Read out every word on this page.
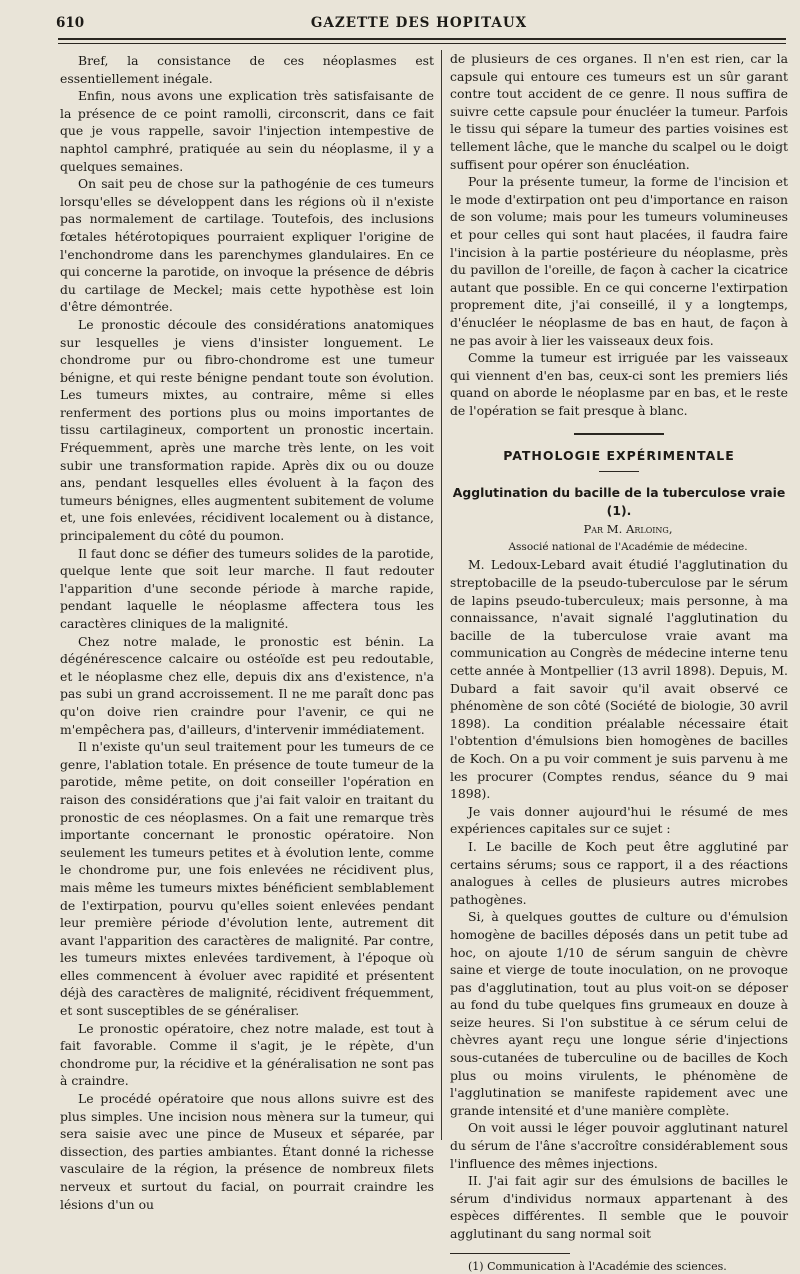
610	GAZETTE DES HOPITAUX

Bref, la consistance de ces néoplasmes est essentiellement inégale.

Enfin, nous avons une explication très satisfaisante de la présence de ce point ramolli, circonscrit, dans ce fait que je vous rappelle, savoir l'injection intempestive de naphtol camphré, pratiquée au sein du néoplasme, il y a quelques semaines.

On sait peu de chose sur la pathogénie de ces tumeurs lorsqu'elles se développent dans les régions où il n'existe pas normalement de cartilage. Toutefois, des inclusions fœtales hétérotopiques pourraient expliquer l'origine de l'enchondrome dans les parenchymes glandulaires. En ce qui concerne la parotide, on invoque la présence de débris du cartilage de Meckel; mais cette hypothèse est loin d'être démontrée.

Le pronostic découle des considérations anatomiques sur lesquelles je viens d'insister longuement. Le chondrome pur ou fibro-chondrome est une tumeur bénigne, et qui reste bénigne pendant toute son évolution. Les tumeurs mixtes, au contraire, même si elles renferment des portions plus ou moins importantes de tissu cartilagineux, comportent un pronostic incertain. Fréquemment, après une marche très lente, on les voit subir une transformation rapide. Après dix ou ou douze ans, pendant lesquelles elles évoluent à la façon des tumeurs bénignes, elles augmentent subitement de volume et, une fois enlevées, récidivent localement ou à distance, principalement du côté du poumon.

Il faut donc se défier des tumeurs solides de la parotide, quelque lente que soit leur marche. Il faut redouter l'apparition d'une seconde période à marche rapide, pendant laquelle le néoplasme affectera tous les caractères cliniques de la malignité.

Chez notre malade, le pronostic est bénin. La dégénérescence calcaire ou ostéoïde est peu redoutable, et le néoplasme chez elle, depuis dix ans d'existence, n'a pas subi un grand accroissement. Il ne me paraît donc pas qu'on doive rien craindre pour l'avenir, ce qui ne m'empêchera pas, d'ailleurs, d'intervenir immédiatement.

Il n'existe qu'un seul traitement pour les tumeurs de ce genre, l'ablation totale. En présence de toute tumeur de la parotide, même petite, on doit conseiller l'opération en raison des considérations que j'ai fait valoir en traitant du pronostic de ces néoplasmes. On a fait une remarque très importante concernant le pronostic opératoire. Non seulement les tumeurs petites et à évolution lente, comme le chondrome pur, une fois enlevées ne récidivent plus, mais même les tumeurs mixtes bénéficient semblablement de l'extirpation, pourvu qu'elles soient enlevées pendant leur première période d'évolution lente, autrement dit avant l'apparition des caractères de malignité. Par contre, les tumeurs mixtes enlevées tardivement, à l'époque où elles commencent à évoluer avec rapidité et présentent déjà des caractères de malignité, récidivent fréquemment, et sont susceptibles de se généraliser.

Le pronostic opératoire, chez notre malade, est tout à fait favorable. Comme il s'agit, je le répète, d'un chondrome pur, la récidive et la généralisation ne sont pas à craindre.

Le procédé opératoire que nous allons suivre est des plus simples. Une incision nous mènera sur la tumeur, qui sera saisie avec une pince de Museux et séparée, par dissection, des parties ambiantes. Étant donné la richesse vasculaire de la région, la présence de nombreux filets nerveux et surtout du facial, on pourrait craindre les lésions d'un ou

de plusieurs de ces organes. Il n'en est rien, car la capsule qui entoure ces tumeurs est un sûr garant contre tout accident de ce genre. Il nous suffira de suivre cette capsule pour énucléer la tumeur. Parfois le tissu qui sépare la tumeur des parties voisines est tellement lâche, que le manche du scalpel ou le doigt suffisent pour opérer son énucléation.

Pour la présente tumeur, la forme de l'incision et le mode d'extirpation ont peu d'importance en raison de son volume; mais pour les tumeurs volumineuses et pour celles qui sont haut placées, il faudra faire l'incision à la partie postérieure du néoplasme, près du pavillon de l'oreille, de façon à cacher la cicatrice autant que possible. En ce qui concerne l'extirpation proprement dite, j'ai conseillé, il y a longtemps, d'énucléer le néoplasme de bas en haut, de façon à ne pas avoir à lier les vaisseaux deux fois.

Comme la tumeur est irriguée par les vaisseaux qui viennent d'en bas, ceux-ci sont les premiers liés quand on aborde le néoplasme par en bas, et le reste de l'opération se fait presque à blanc.

PATHOLOGIE EXPÉRIMENTALE
Agglutination du bacille de la tuberculose vraie (1).

Par M. Arloing,

Associé national de l'Académie de médecine.

M. Ledoux-Lebard avait étudié l'agglutination du streptobacille de la pseudo-tuberculose par le sérum de lapins pseudo-tuberculeux; mais personne, à ma connaissance, n'avait signalé l'agglutination du bacille de la tuberculose vraie avant ma communication au Congrès de médecine interne tenu cette année à Montpellier (13 avril 1898). Depuis, M. Dubard a fait savoir qu'il avait observé ce phénomène de son côté (Société de biologie, 30 avril 1898). La condition préalable nécessaire était l'obtention d'émulsions bien homogènes de bacilles de Koch. On a pu voir comment je suis parvenu à me les procurer (Comptes rendus, séance du 9 mai 1898).

Je vais donner aujourd'hui le résumé de mes expériences capitales sur ce sujet :

I. Le bacille de Koch peut être agglutiné par certains sérums; sous ce rapport, il a des réactions analogues à celles de plusieurs autres microbes pathogènes.

Si, à quelques gouttes de culture ou d'émulsion homogène de bacilles déposés dans un petit tube ad hoc, on ajoute 1/10 de sérum sanguin de chèvre saine et vierge de toute inoculation, on ne provoque pas d'agglutination, tout au plus voit-on se déposer au fond du tube quelques fins grumeaux en douze à seize heures. Si l'on substitue à ce sérum celui de chèvres ayant reçu une longue série d'injections sous-cutanées de tuberculine ou de bacilles de Koch plus ou moins virulents, le phénomène de l'agglutination se manifeste rapidement avec une grande intensité et d'une manière complète.

On voit aussi le léger pouvoir agglutinant naturel du sérum de l'âne s'accroître considérablement sous l'influence des mêmes injections.

II. J'ai fait agir sur des émulsions de bacilles le sérum d'individus normaux appartenant à des espèces différentes. Il semble que le pouvoir agglutinant du sang normal soit

(1) Communication à l'Académie des sciences.
